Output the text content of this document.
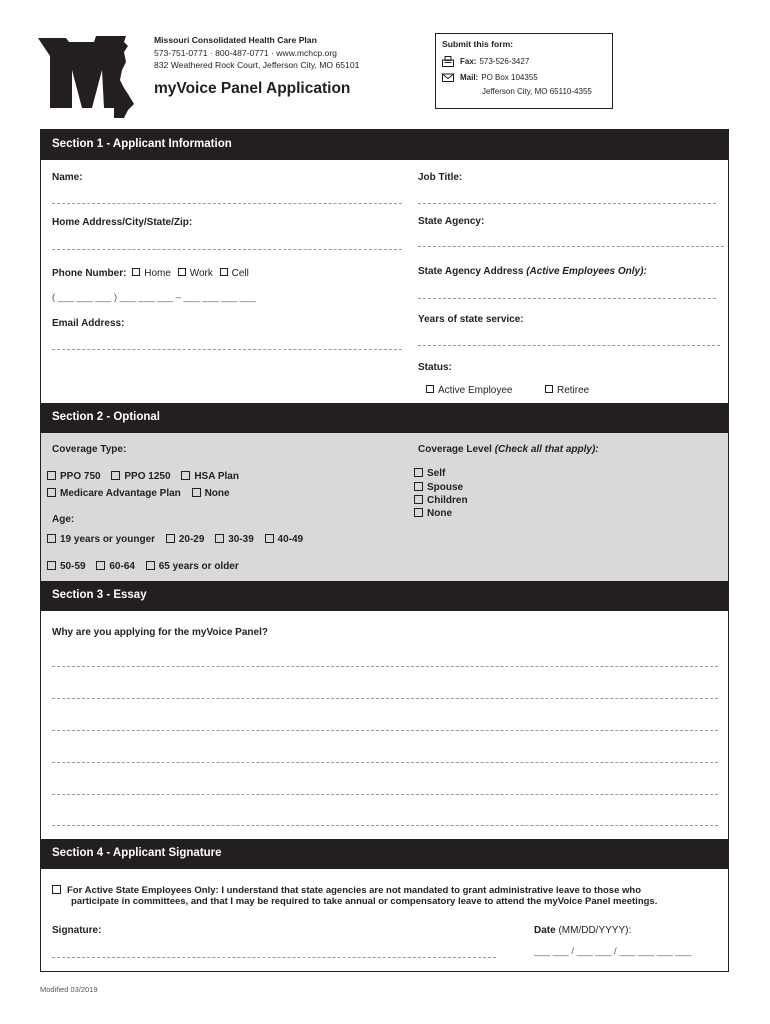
Missouri Consolidated Health Care Plan
573-751-0771 · 800-487-0771 · www.mchcp.org
832 Weathered Rock Court, Jefferson City, MO 65101
myVoice Panel Application
Submit this form:
Fax: 573-526-3427
Mail: PO Box 104355
Jefferson City, MO 65110-4355
Section 1 - Applicant Information
Name:
Home Address/City/State/Zip:
Phone Number: Home Work Cell
( ___ ___ ___ ) ___ ___ ___ – ___ ___ ___ ___
Email Address:
Job Title:
State Agency:
State Agency Address (Active Employees Only):
Years of state service:
Status:
Active Employee	Retiree
Section 2 - Optional
Coverage Type:
PPO 750 PPO 1250 HSA Plan
Medicare Advantage Plan None
Age:
19 years or younger 20-29 30-39 40-49
50-59 60-64 65 years or older
Coverage Level (Check all that apply):
Self
Spouse
Children
None
Section 3 - Essay
Why are you applying for the myVoice Panel?
Section 4 - Applicant Signature
For Active State Employees Only: I understand that state agencies are not mandated to grant administrative leave to those who
participate in committees, and that I may be required to take annual or compensatory leave to attend the myVoice Panel meetings.
Signature:	Date (MM/DD/YYYY):
___ ___ / ___ ___ / ___ ___ ___ ___
Modified 03/2019
